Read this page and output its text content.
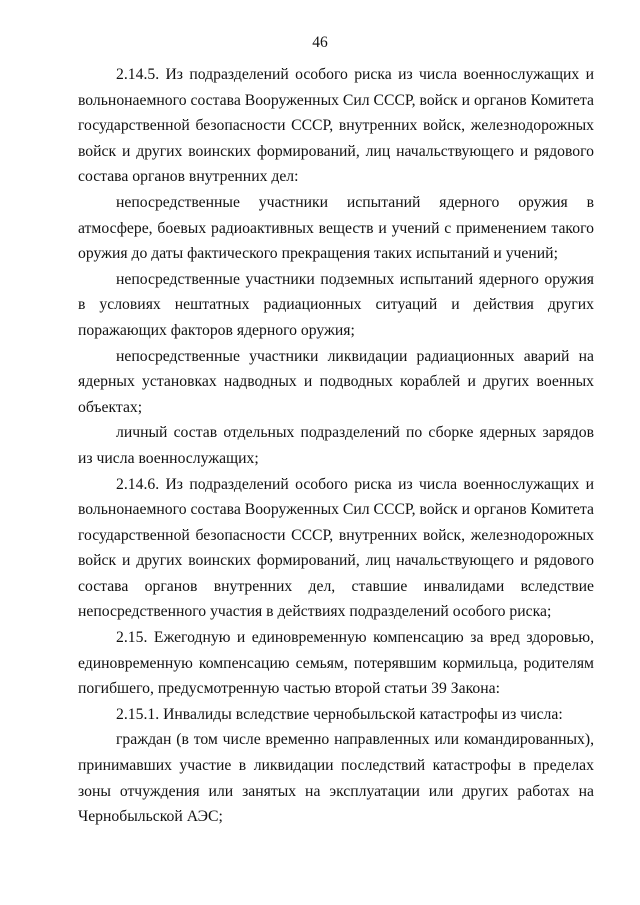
46

2.14.5. Из подразделений особого риска из числа военнослужащих и вольнонаемного состава Вооруженных Сил СССР, войск и органов Комитета государственной безопасности СССР, внутренних войск, железнодорожных войск и других воинских формирований, лиц начальствующего и рядового состава органов внутренних дел:

непосредственные участники испытаний ядерного оружия в атмосфере, боевых радиоактивных веществ и учений с применением такого оружия до даты фактического прекращения таких испытаний и учений;

непосредственные участники подземных испытаний ядерного оружия в условиях нештатных радиационных ситуаций и действия других поражающих факторов ядерного оружия;

непосредственные участники ликвидации радиационных аварий на ядерных установках надводных и подводных кораблей и других военных объектах;

личный состав отдельных подразделений по сборке ядерных зарядов из числа военнослужащих;

2.14.6. Из подразделений особого риска из числа военнослужащих и вольнонаемного состава Вооруженных Сил СССР, войск и органов Комитета государственной безопасности СССР, внутренних войск, железнодорожных войск и других воинских формирований, лиц начальствующего и рядового состава органов внутренних дел, ставшие инвалидами вследствие непосредственного участия в действиях подразделений особого риска;

2.15. Ежегодную и единовременную компенсацию за вред здоровью, единовременную компенсацию семьям, потерявшим кормильца, родителям погибшего, предусмотренную частью второй статьи 39 Закона:

2.15.1. Инвалиды вследствие чернобыльской катастрофы из числа:

граждан (в том числе временно направленных или командированных), принимавших участие в ликвидации последствий катастрофы в пределах зоны отчуждения или занятых на эксплуатации или других работах на Чернобыльской АЭС;
